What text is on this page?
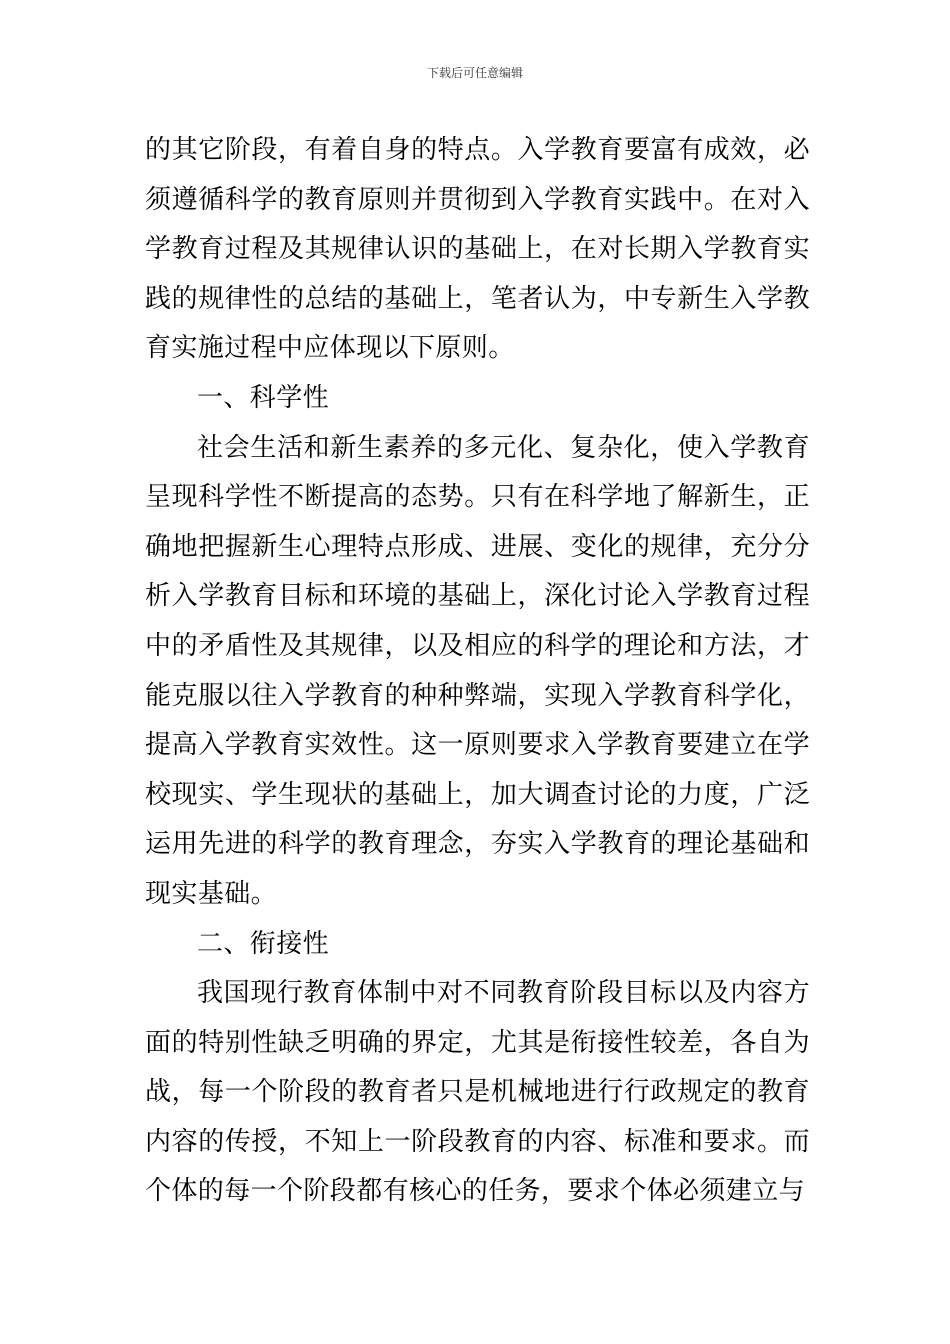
下载后可任意编辑

的其它阶段，有着自身的特点。入学教育要富有成效，必须遵循科学的教育原则并贯彻到入学教育实践中。在对入学教育过程及其规律认识的基础上，在对长期入学教育实践的规律性的总结的基础上，笔者认为，中专新生入学教育实施过程中应体现以下原则。

一、科学性

社会生活和新生素养的多元化、复杂化，使入学教育呈现科学性不断提高的态势。只有在科学地了解新生，正确地把握新生心理特点形成、进展、变化的规律，充分分析入学教育目标和环境的基础上，深化讨论入学教育过程中的矛盾性及其规律，以及相应的科学的理论和方法，才能克服以往入学教育的种种弊端，实现入学教育科学化，提高入学教育实效性。这一原则要求入学教育要建立在学校现实、学生现状的基础上，加大调查讨论的力度，广泛运用先进的科学的教育理念，夯实入学教育的理论基础和现实基础。

二、衔接性

我国现行教育体制中对不同教育阶段目标以及内容方面的特别性缺乏明确的界定，尤其是衔接性较差，各自为战，每一个阶段的教育者只是机械地进行行政规定的教育内容的传授，不知上一阶段教育的内容、标准和要求。而个体的每一个阶段都有核心的任务，要求个体必须建立与
